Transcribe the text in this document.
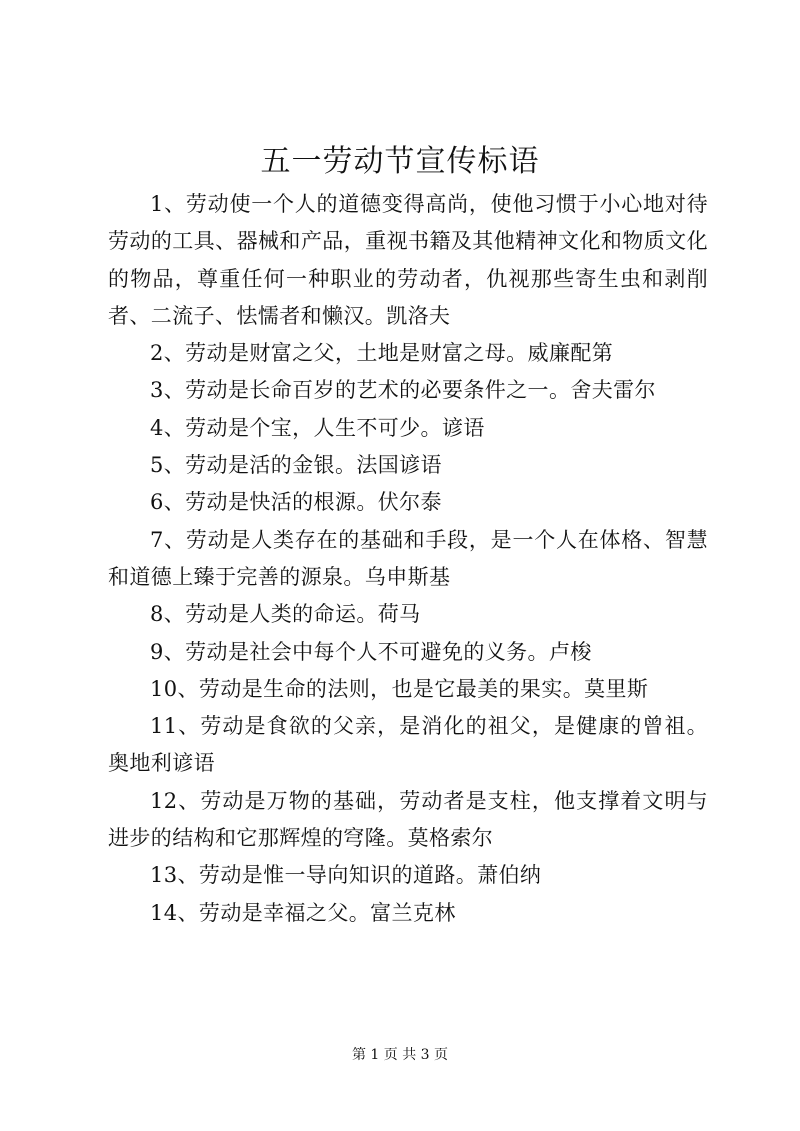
五一劳动节宣传标语

1、劳动使一个人的道德变得高尚，使他习惯于小心地对待劳动的工具、器械和产品，重视书籍及其他精神文化和物质文化的物品，尊重任何一种职业的劳动者，仇视那些寄生虫和剥削者、二流子、怯懦者和懒汉。凯洛夫

2、劳动是财富之父，土地是财富之母。威廉配第

3、劳动是长命百岁的艺术的必要条件之一。舍夫雷尔

4、劳动是个宝，人生不可少。谚语

5、劳动是活的金银。法国谚语

6、劳动是快活的根源。伏尔泰

7、劳动是人类存在的基础和手段，是一个人在体格、智慧和道德上臻于完善的源泉。乌申斯基

8、劳动是人类的命运。荷马

9、劳动是社会中每个人不可避免的义务。卢梭

10、劳动是生命的法则，也是它最美的果实。莫里斯

11、劳动是食欲的父亲，是消化的祖父，是健康的曾祖。奥地利谚语

12、劳动是万物的基础，劳动者是支柱，他支撑着文明与进步的结构和它那辉煌的穹隆。莫格索尔

13、劳动是惟一导向知识的道路。萧伯纳

14、劳动是幸福之父。富兰克林

第 1 页 共 3 页
